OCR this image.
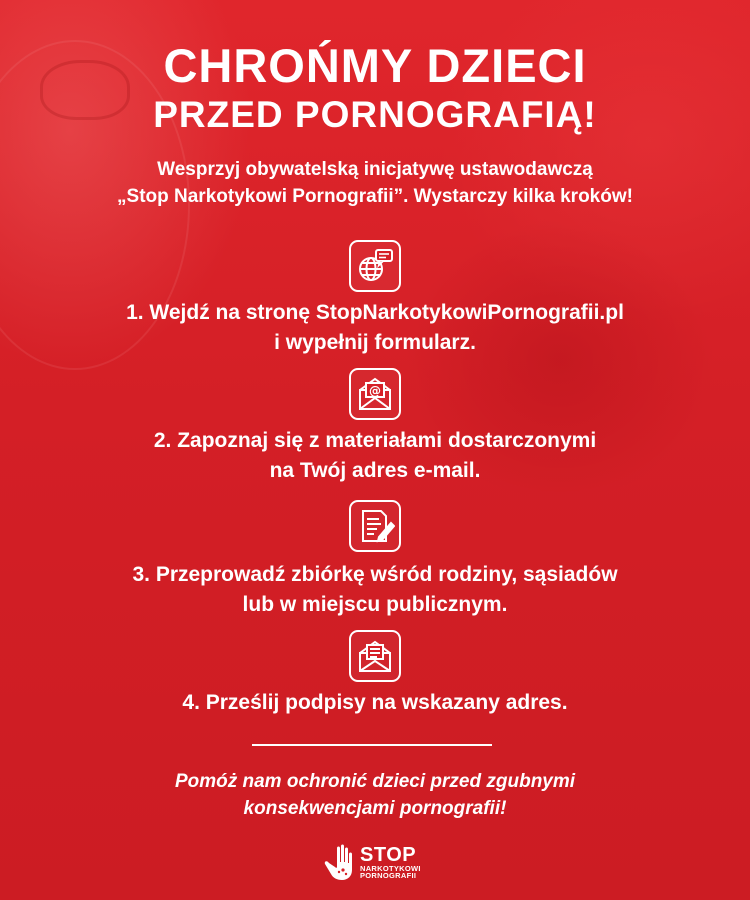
CHROŃMY DZIECI
PRZED PORNOGRAFIĄ!
Wesprzyj obywatelską inicjatywę ustawodawczą
„Stop Narkotykowi Pornografii”. Wystarczy kilka kroków!
1. Wejdź na stronę StopNarkotykowiPornografii.pl
i wypełnij formularz.
@
2. Zapoznaj się z materiałami dostarczonymi
na Twój adres e-mail.
3. Przeprowadź zbiórkę wśród rodziny, sąsiadów
lub w miejscu publicznym.
4. Prześlij podpisy na wskazany adres.
Pomóż nam ochronić dzieci przed zgubnymi
konsekwencjami pornografii!
STOP
NARKOTYKOWI
PORNOGRAFII
